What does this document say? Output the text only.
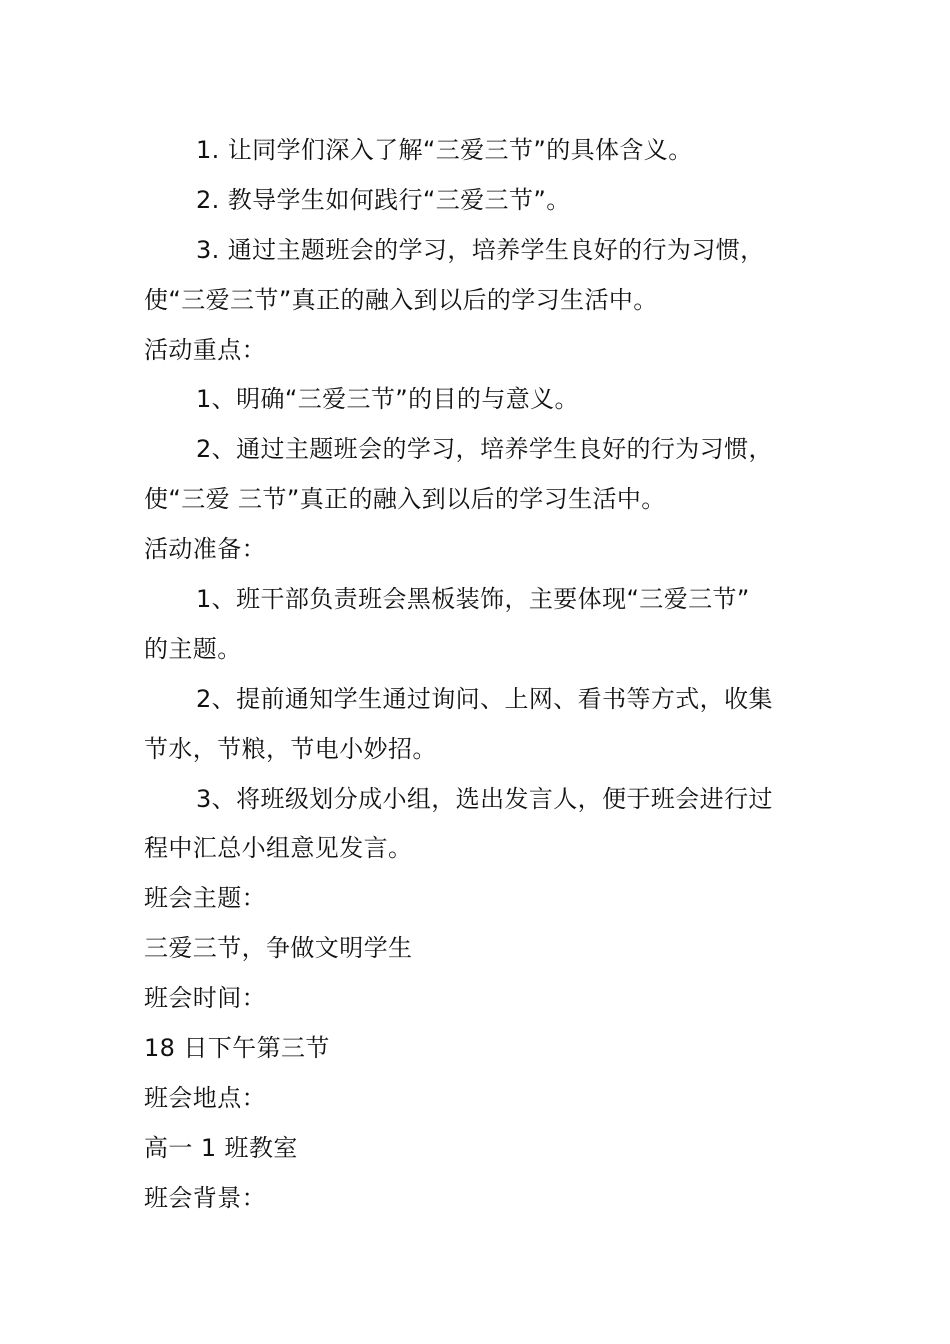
1. 让同学们深入了解“三爱三节”的具体含义。
2. 教导学生如何践行“三爱三节”。
3. 通过主题班会的学习，培养学生良好的行为习惯，
使“三爱三节”真正的融入到以后的学习生活中。
活动重点：
1、明确“三爱三节”的目的与意义。
2、通过主题班会的学习，培养学生良好的行为习惯，
使“三爱 三节”真正的融入到以后的学习生活中。
活动准备：
1、班干部负责班会黑板装饰，主要体现“三爱三节”
的主题。
2、提前通知学生通过询问、上网、看书等方式，收集
节水，节粮，节电小妙招。
3、将班级划分成小组，选出发言人，便于班会进行过
程中汇总小组意见发言。
班会主题：
三爱三节，争做文明学生
班会时间：
18 日下午第三节
班会地点：
高一 1 班教室
班会背景：
